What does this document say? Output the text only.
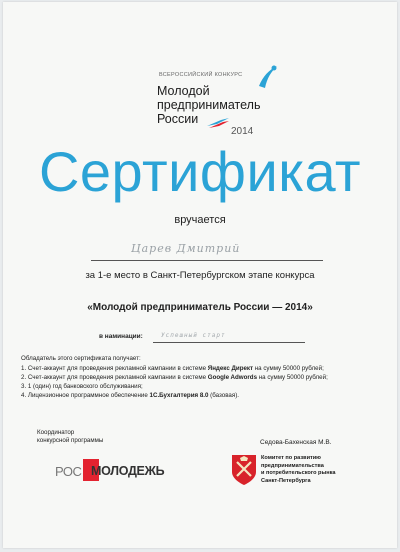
ВСЕРОССИЙСКИЙ КОНКУРС
Молодой
предприниматель
России
2014
Сертификат
вручается
Царев Дмитрий
за 1-е место в Санкт-Петербургском этапе конкурса
«Молодой предприниматель России — 2014»
в наминации:	Успешный старт
Обладатель этого сертификата получает:
1. Счет-аккаунт для проведения рекламной кампании в системе Яндекс Директ на сумму 50000 рублей;
2. Счет-аккаунт для проведения рекламной кампании в системе Google Adwords на сумму 50000 рублей;
3. 1 (один) год банковского обслуживания;
4. Лицензионное программное обеспечение 1С.Бухгалтерия 8.0 (базовая).
Координатор
конкурсной программы	Седова-Бахенская М.В.
РОС МОЛОДЕЖЬ
Комитет по развитию
предпринимательства
и потребительского рынка
Санкт-Петербурга
